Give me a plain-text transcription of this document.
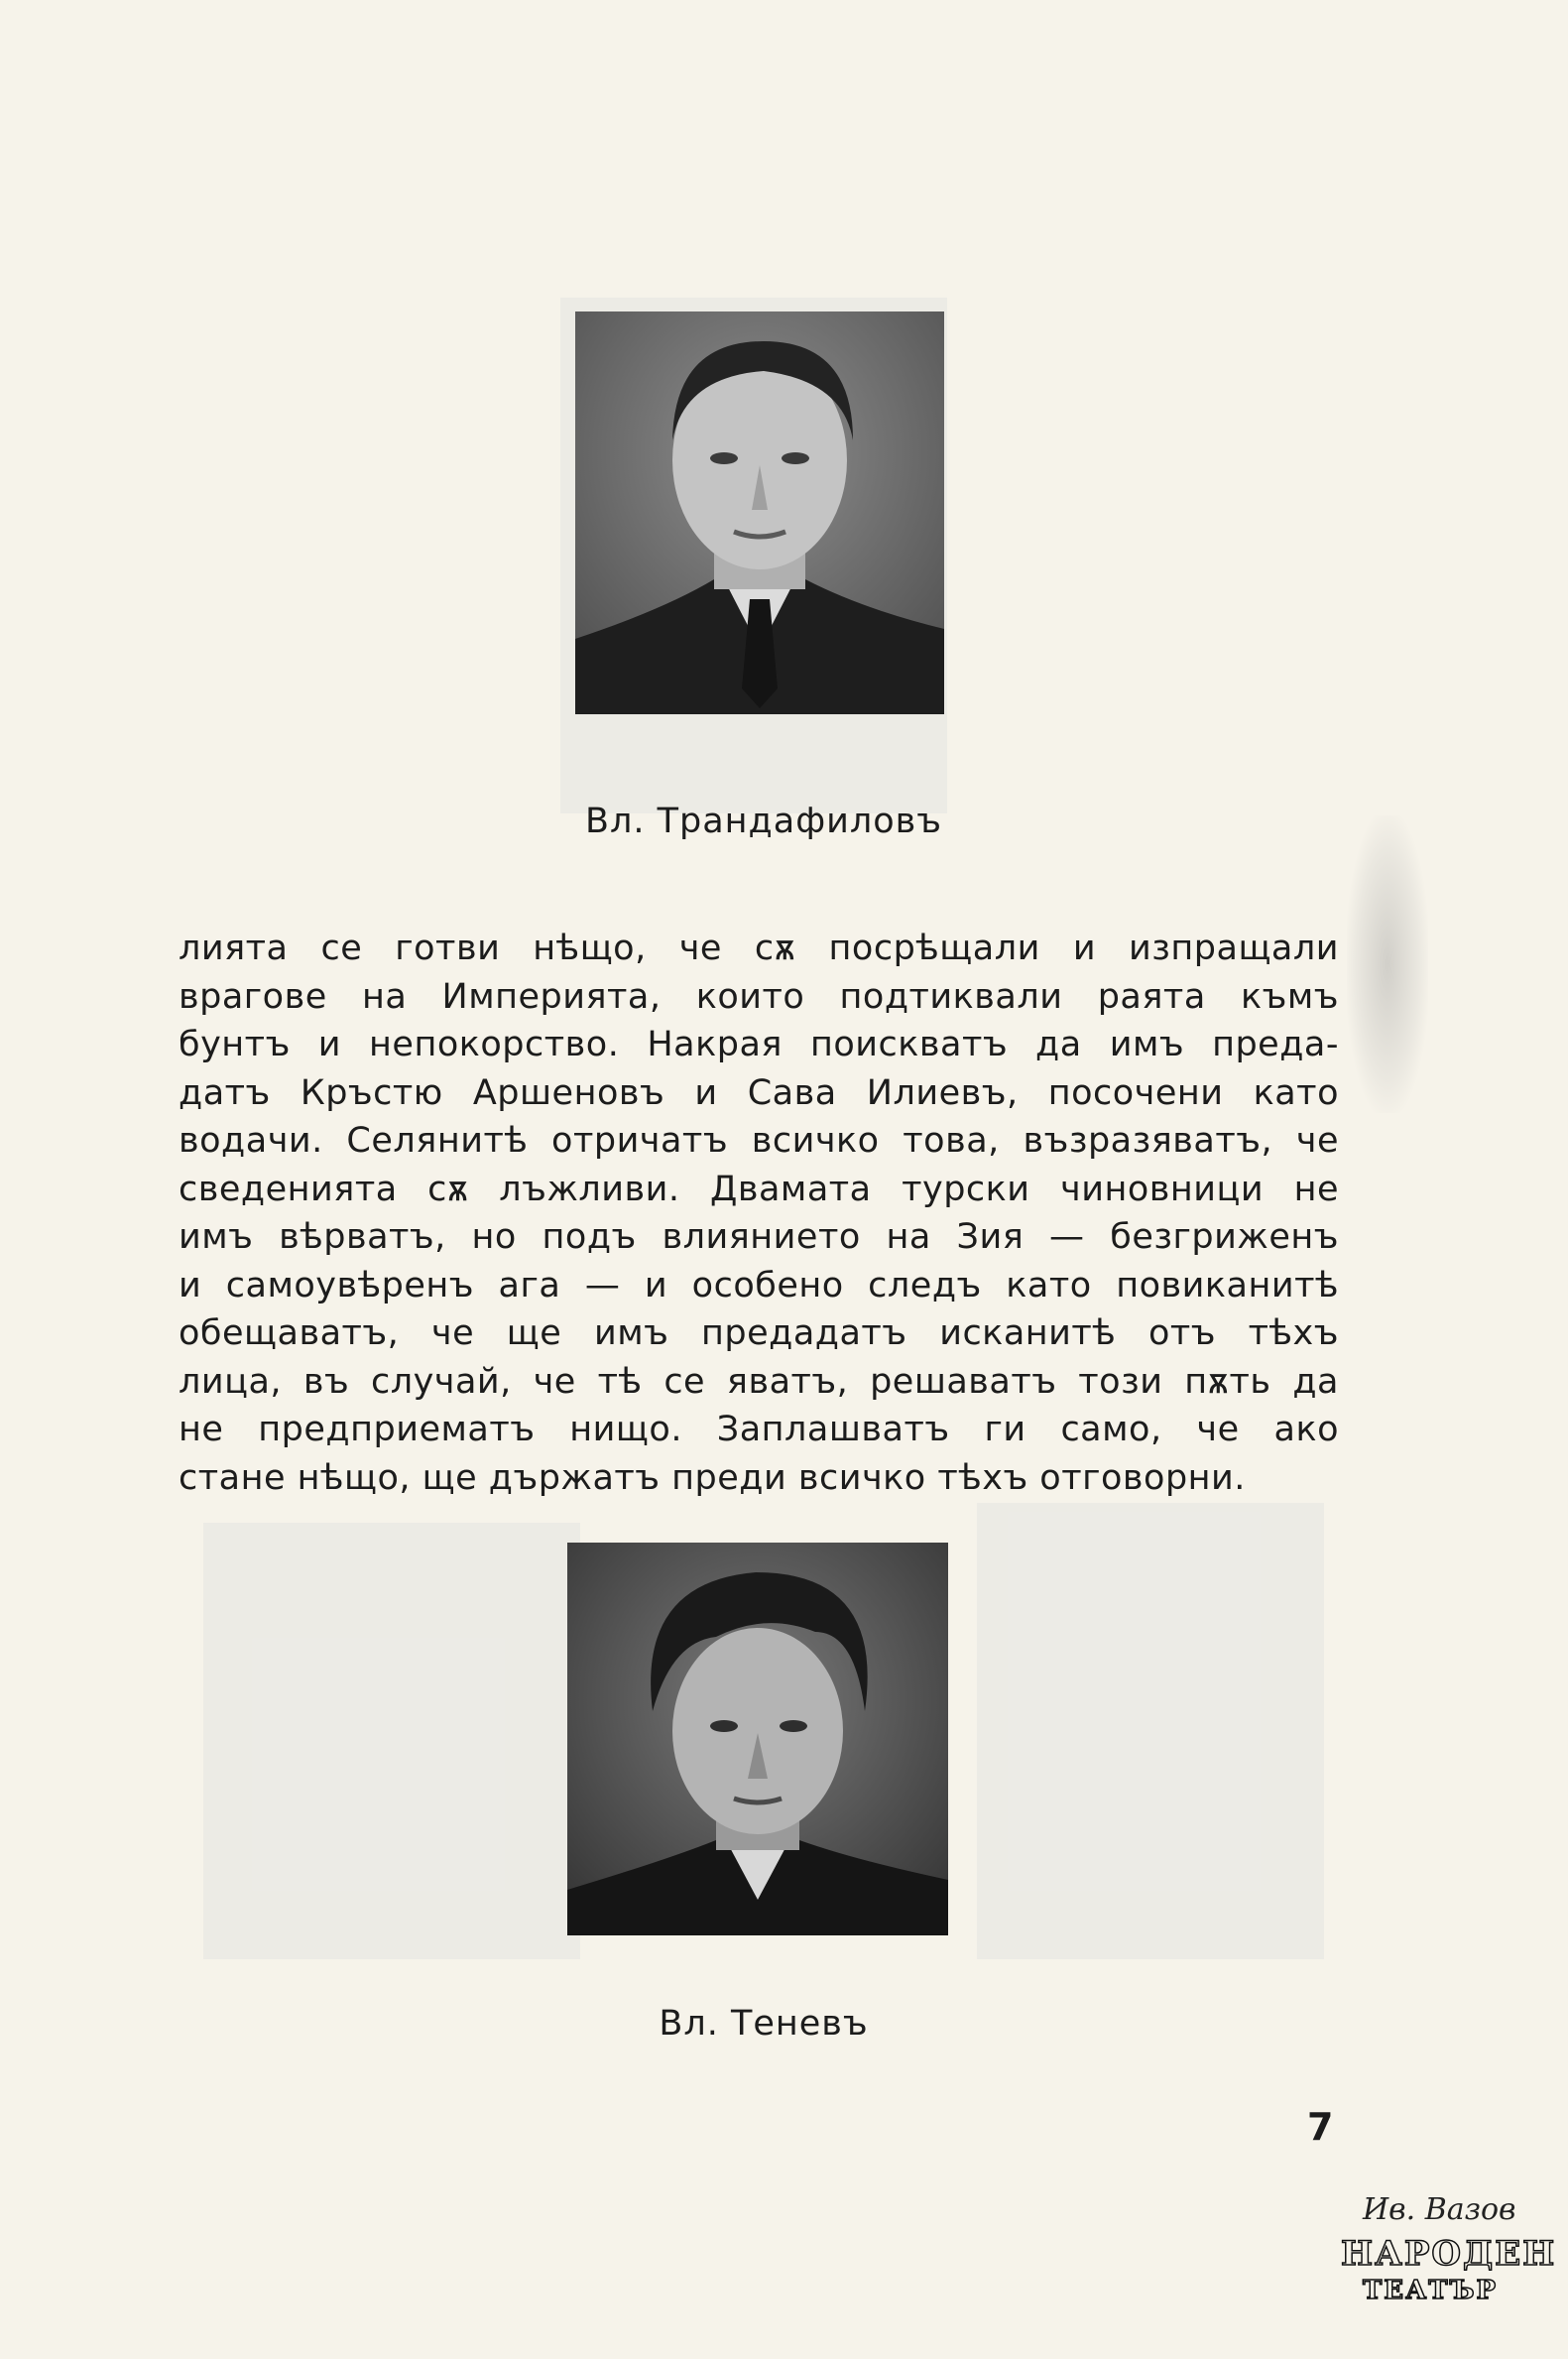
Вл. Трандафиловъ
лията се готви нѣщо, че сѫ посрѣщали и изпращали
врагове на Империята, които подтиквали раята къмъ
бунтъ и непокорство. Накрая поискватъ да имъ преда-
датъ Кръстю Аршеновъ и Сава Илиевъ, посочени като
водачи. Селянитѣ отричатъ всичко това, възразяватъ, че
сведенията сѫ лъжливи. Двамата турски чиновници не
имъ вѣрватъ, но подъ влиянието на Зия — безгриженъ
и самоувѣренъ ага — и особено следъ като повиканитѣ
обещаватъ, че ще имъ предадатъ исканитѣ отъ тѣхъ
лица, въ случай, че тѣ се яватъ, решаватъ този пѫть да
не предприематъ нищо. Заплашватъ ги само, че ако
стане нѣщо, ще държатъ преди всичко тѣхъ отговорни.
Вл. Теневъ
7
Ив. Вазов
НАРОДЕН
ТЕАТЪР
